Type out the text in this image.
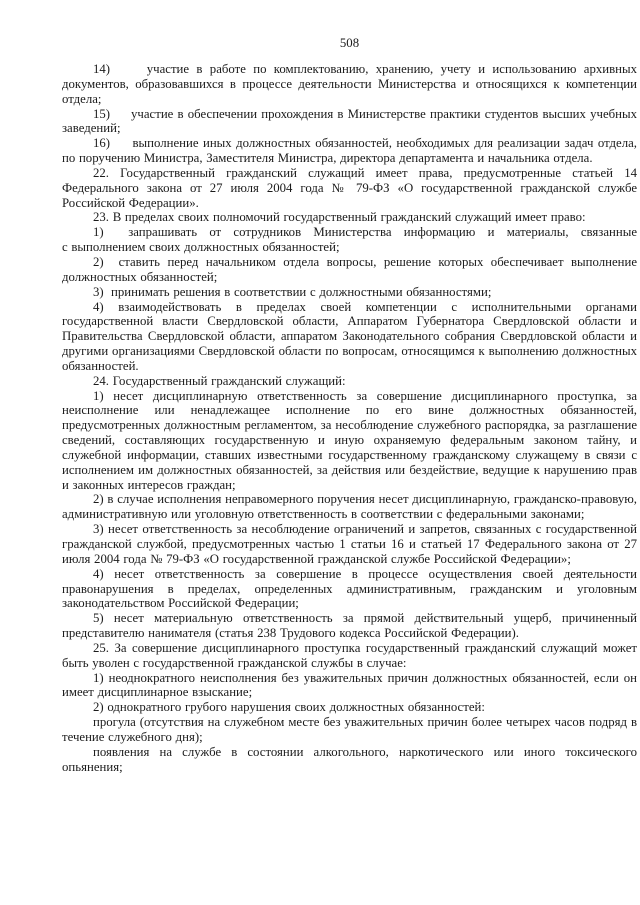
508

14)     участие в работе по комплектованию, хранению, учету и использованию архивных документов, образовавшихся в процессе деятельности Министерства и относящихся к компетенции отдела;

15)     участие в обеспечении прохождения в Министерстве практики студентов высших учебных заведений;

16)     выполнение иных должностных обязанностей, необходимых для реализации задач отдела, по поручению Министра, Заместителя Министра, директора департамента и начальника отдела.

22. Государственный гражданский служащий имеет права, предусмотренные статьей 14 Федерального закона от 27 июля 2004 года № 79-ФЗ «О государственной гражданской службе Российской Федерации».

23. В пределах своих полномочий государственный гражданский служащий имеет право:

1)  запрашивать от сотрудников Министерства информацию и материалы, связанные с выполнением своих должностных обязанностей;

2)  ставить перед начальником отдела вопросы, решение которых обеспечивает выполнение должностных обязанностей;

3)  принимать решения в соответствии с должностными обязанностями;

4) взаимодействовать в пределах своей компетенции с исполнительными органами государственной власти Свердловской области, Аппаратом Губернатора Свердловской области и Правительства Свердловской области, аппаратом Законодательного собрания Свердловской области и другими организациями Свердловской области по вопросам, относящимся к выполнению должностных обязанностей.

24. Государственный гражданский служащий:

1) несет дисциплинарную ответственность за совершение дисциплинарного проступка, за неисполнение или ненадлежащее исполнение по его вине должностных обязанностей, предусмотренных должностным регламентом, за несоблюдение служебного распорядка, за разглашение сведений, составляющих государственную и иную охраняемую федеральным законом тайну, и служебной информации, ставших известными государственному гражданскому служащему в связи с исполнением им должностных обязанностей, за действия или бездействие, ведущие к нарушению прав и законных интересов граждан;

2) в случае исполнения неправомерного поручения несет дисциплинарную, гражданско-правовую, административную или уголовную ответственность в соответствии с федеральными законами;

3) несет ответственность за несоблюдение ограничений и запретов, связанных с государственной гражданской службой, предусмотренных частью 1 статьи 16 и статьей 17 Федерального закона от 27 июля 2004 года № 79-ФЗ «О государственной гражданской службе Российской Федерации»;

4) несет ответственность за совершение в процессе осуществления своей деятельности правонарушения в пределах, определенных административным, гражданским и уголовным законодательством Российской Федерации;

5) несет материальную ответственность за прямой действительный ущерб, причиненный представителю нанимателя (статья 238 Трудового кодекса Российской Федерации).

25. За совершение дисциплинарного проступка государственный гражданский служащий может быть уволен с государственной гражданской службы в случае:

1) неоднократного неисполнения без уважительных причин должностных обязанностей, если он имеет дисциплинарное взыскание;

2) однократного грубого нарушения своих должностных обязанностей:

прогула (отсутствия на служебном месте без уважительных причин более четырех часов подряд в течение служебного дня);

появления на службе в состоянии алкогольного, наркотического или иного токсического опьянения;
